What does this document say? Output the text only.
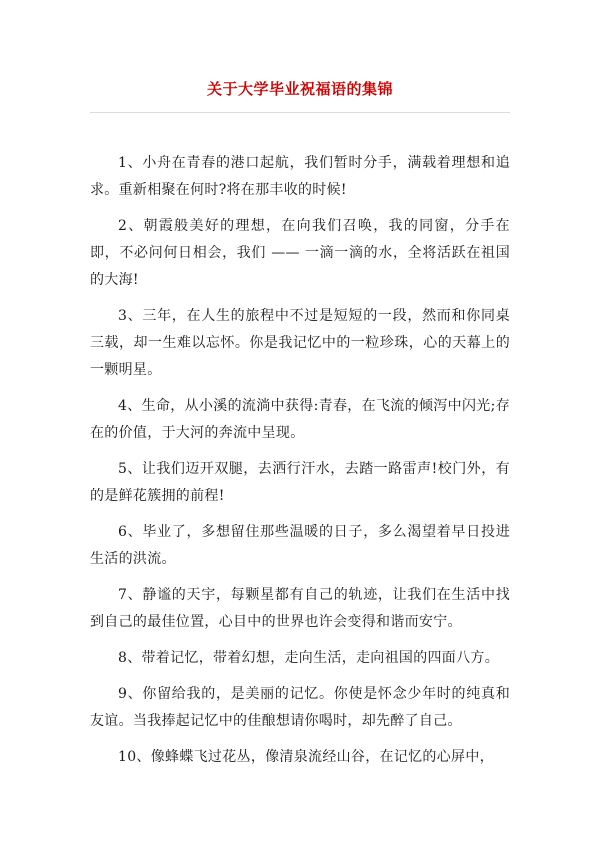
关于大学毕业祝福语的集锦

1、小舟在青春的港口起航，我们暂时分手，满载着理想和追求。重新相聚在何时?将在那丰收的时候!

2、朝霞般美好的理想，在向我们召唤，我的同窗，分手在即，不必问何日相会，我们 —— 一滴一滴的水，全将活跃在祖国的大海!

3、三年，在人生的旅程中不过是短短的一段，然而和你同桌三载，却一生难以忘怀。你是我记忆中的一粒珍珠，心的天幕上的一颗明星。

4、生命，从小溪的流淌中获得:青春，在飞流的倾泻中闪光;存在的价值，于大河的奔流中呈现。

5、让我们迈开双腿，去洒行汗水，去踏一路雷声!校门外，有的是鲜花簇拥的前程!

6、毕业了，多想留住那些温暖的日子，多么渴望着早日投进生活的洪流。

7、静谧的天宇，每颗星都有自己的轨迹，让我们在生活中找到自己的最佳位置，心目中的世界也许会变得和谐而安宁。

8、带着记忆，带着幻想，走向生活，走向祖国的四面八方。

9、你留给我的，是美丽的记忆。你使是怀念少年时的纯真和友谊。当我捧起记忆中的佳酿想请你喝时，却先醉了自己。

10、像蜂蝶飞过花丛，像清泉流经山谷，在记忆的心屏中，
